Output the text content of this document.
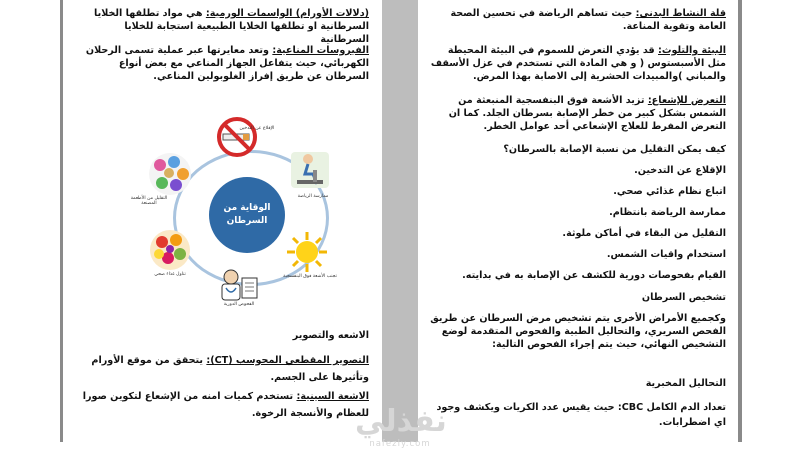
(دلالات الأورام) الواسمات الورمية: هي مواد تطلقها الخلايا السرطانية او تطلقها الخلايا الطبيعية استجابة للخلايا السرطانية
الفيروسات المناعية: وتعد معايرتها عبر عملية تسمى الرحلان الكهربائي، حيث يتفاعل الجهاز المناعي مع بعض أنواع السرطان عن طريق إفراز الغلوبولين المناعي.
الوقاية من السرطان
الإقلاع عن التدخين
ممارسة الرياضة
تجنب الأشعة فوق البنفسجية
الفحوص الدورية
تناول غذاء صحي
التقليل من الأطعمة المصنعة
الاشعه والتصوير
التصوير المقطعي المحوسب (CT): يتحقق من موقع الأورام وتأثيرها على الجسم.
الاشعة السينية: تستخدم كميات امنه من الإشعاع لتكوين صورا للعظام والأنسجة الرخوة.
قلة النشاط البدني: حيث تساهم الرياضة في تحسين الصحة العامة وتقوية المناعة.
البيئة والتلوث: قد يؤدي التعرض للسموم في البيئة المحيطة مثل الأسبستوس ( و هي المادة التي تستخدم في عزل الأسقف والمباني )والمبيدات الحشرية إلى الاصابة بهذا المرض.
التعرض للإشعاع: تزيد الأشعة فوق البنفسجية المنبعثة من الشمس بشكل كبير من خطر الإصابة بسرطان الجلد. كما ان التعرض المفرط للعلاج الإشعاعي أحد عوامل الخطر.
كيف يمكن التقليل من نسبة الإصابة بالسرطان؟
الإقلاع عن التدخين.
اتباع نظام غذائي صحي.
ممارسة الرياضة بانتظام.
التقليل من البقاء في أماكن ملوثة.
استخدام واقيات الشمس.
القيام بفحوصات دورية للكشف عن الإصابة به في بدايته.
تشخيص السرطان
وكجميع الأمراض الأخرى يتم تشخيص مرض السرطان عن طريق الفحص السريري، والتحاليل الطبية والفحوص المتقدمة لوضع التشخيص النهائي، حيث يتم إجراء الفحوص التالية:
التحاليل المخبرية
تعداد الدم الكامل CBC: حيث يقيس عدد الكريات ويكشف وجود اي اضطرابات.
نفذلي
nafezly.com
